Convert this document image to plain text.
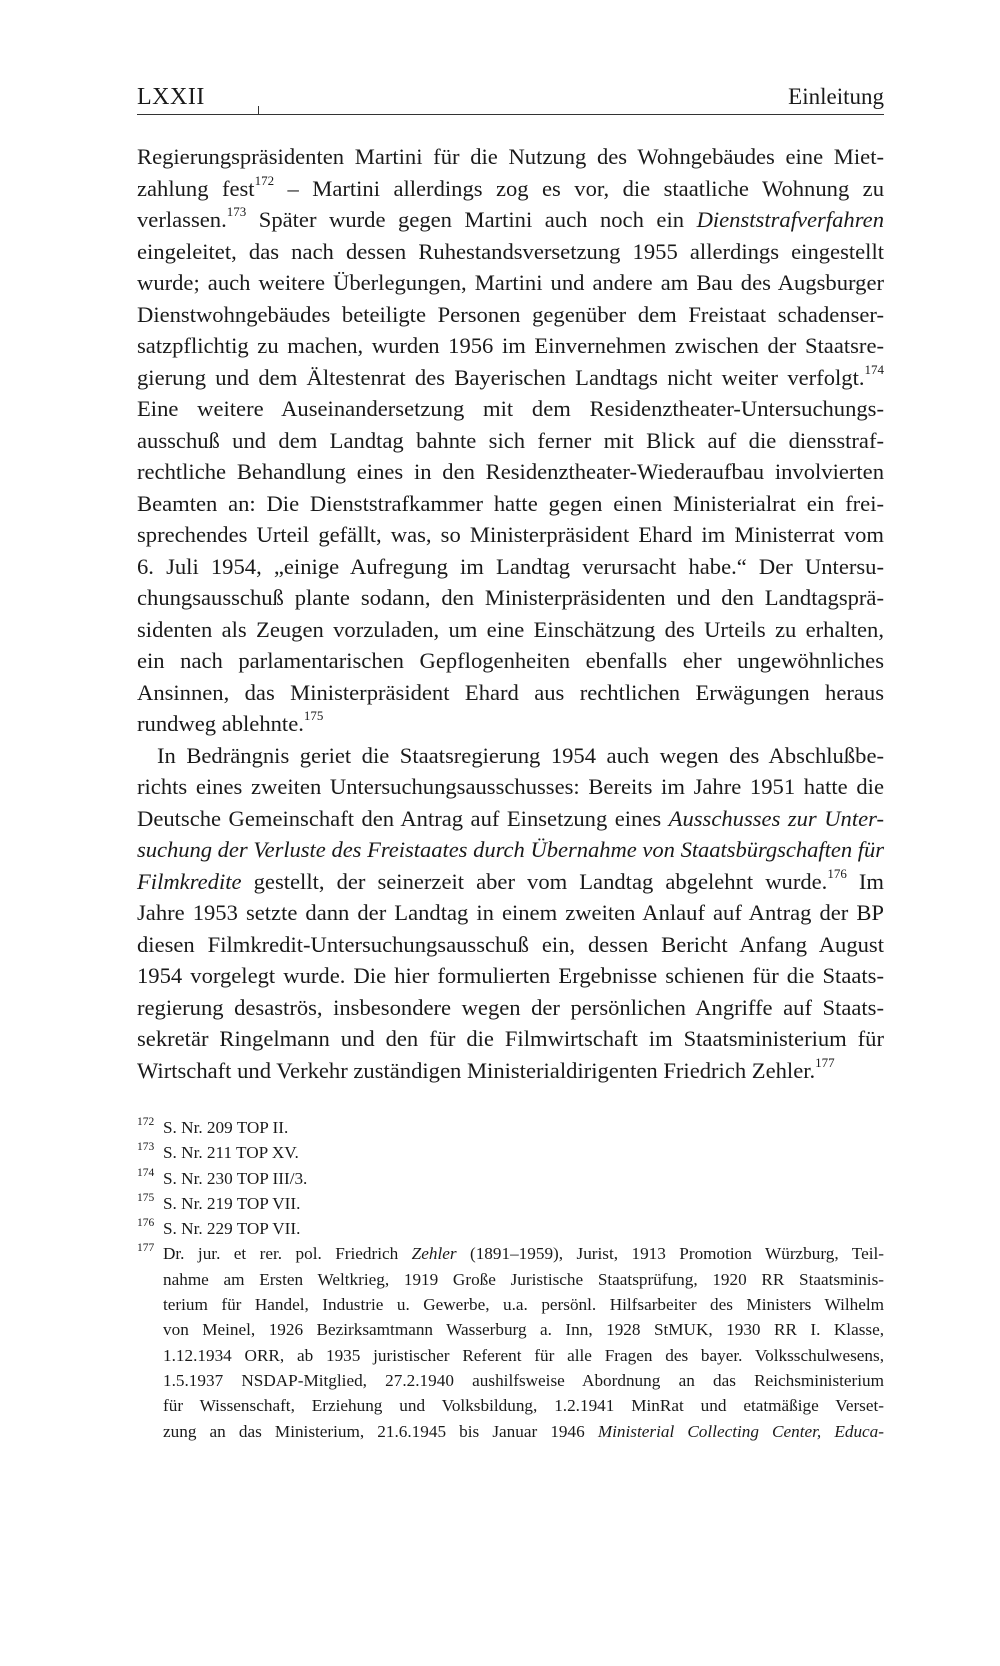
LXXII	Einleitung
Regierungspräsidenten Martini für die Nutzung des Wohngebäudes eine Miet-
zahlung fest$^{172}$ – Martini allerdings zog es vor, die staatliche Wohnung zu
verlassen.$^{173}$ Später wurde gegen Martini auch noch ein Dienststrafverfahren
eingeleitet, das nach dessen Ruhestandsversetzung 1955 allerdings eingestellt
wurde; auch weitere Überlegungen, Martini und andere am Bau des Augsburger
Dienstwohngebäudes beteiligte Personen gegenüber dem Freistaat schadenser-
satzpflichtig zu machen, wurden 1956 im Einvernehmen zwischen der Staatsre-
gierung und dem Ältestenrat des Bayerischen Landtags nicht weiter verfolgt.$^{174}$
Eine weitere Auseinandersetzung mit dem Residenztheater-Untersuchungs-
ausschuß und dem Landtag bahnte sich ferner mit Blick auf die diensstraf-
rechtliche Behandlung eines in den Residenztheater-Wiederaufbau involvierten
Beamten an: Die Dienststrafkammer hatte gegen einen Ministerialrat ein frei-
sprechendes Urteil gefällt, was, so Ministerpräsident Ehard im Ministerrat vom
6. Juli 1954, „einige Aufregung im Landtag verursacht habe.“ Der Untersu-
chungsausschuß plante sodann, den Ministerpräsidenten und den Landtagsprä-
sidenten als Zeugen vorzuladen, um eine Einschätzung des Urteils zu erhalten,
ein nach parlamentarischen Gepflogenheiten ebenfalls eher ungewöhnliches
Ansinnen, das Ministerpräsident Ehard aus rechtlichen Erwägungen heraus
rundweg ablehnte.$^{175}$
In Bedrängnis geriet die Staatsregierung 1954 auch wegen des Abschlußbe-
richts eines zweiten Untersuchungsausschusses: Bereits im Jahre 1951 hatte die
Deutsche Gemeinschaft den Antrag auf Einsetzung eines Ausschusses zur Unter-
suchung der Verluste des Freistaates durch Übernahme von Staatsbürgschaften für
Filmkredite gestellt, der seinerzeit aber vom Landtag abgelehnt wurde.$^{176}$ Im
Jahre 1953 setzte dann der Landtag in einem zweiten Anlauf auf Antrag der BP
diesen Filmkredit-Untersuchungsausschuß ein, dessen Bericht Anfang August
1954 vorgelegt wurde. Die hier formulierten Ergebnisse schienen für die Staats-
regierung desaströs, insbesondere wegen der persönlichen Angriffe auf Staats-
sekretär Ringelmann und den für die Filmwirtschaft im Staatsministerium für
Wirtschaft und Verkehr zuständigen Ministerialdirigenten Friedrich Zehler.$^{177}$
172 S. Nr. 209 TOP II.
173 S. Nr. 211 TOP XV.
174 S. Nr. 230 TOP III/3.
175 S. Nr. 219 TOP VII.
176 S. Nr. 229 TOP VII.
177 Dr. jur. et rer. pol. Friedrich Zehler (1891–1959), Jurist, 1913 Promotion Würzburg, Teil-
nahme am Ersten Weltkrieg, 1919 Große Juristische Staatsprüfung, 1920 RR Staatsminis-
terium für Handel, Industrie u. Gewerbe, u.a. persönl. Hilfsarbeiter des Ministers Wilhelm
von Meinel, 1926 Bezirksamtmann Wasserburg a. Inn, 1928 StMUK, 1930 RR I. Klasse,
1.12.1934 ORR, ab 1935 juristischer Referent für alle Fragen des bayer. Volksschulwesens,
1.5.1937 NSDAP-Mitglied, 27.2.1940 aushilfsweise Abordnung an das Reichsministerium
für Wissenschaft, Erziehung und Volksbildung, 1.2.1941 MinRat und etatmäßige Verset-
zung an das Ministerium, 21.6.1945 bis Januar 1946 Ministerial Collecting Center, Educa-
